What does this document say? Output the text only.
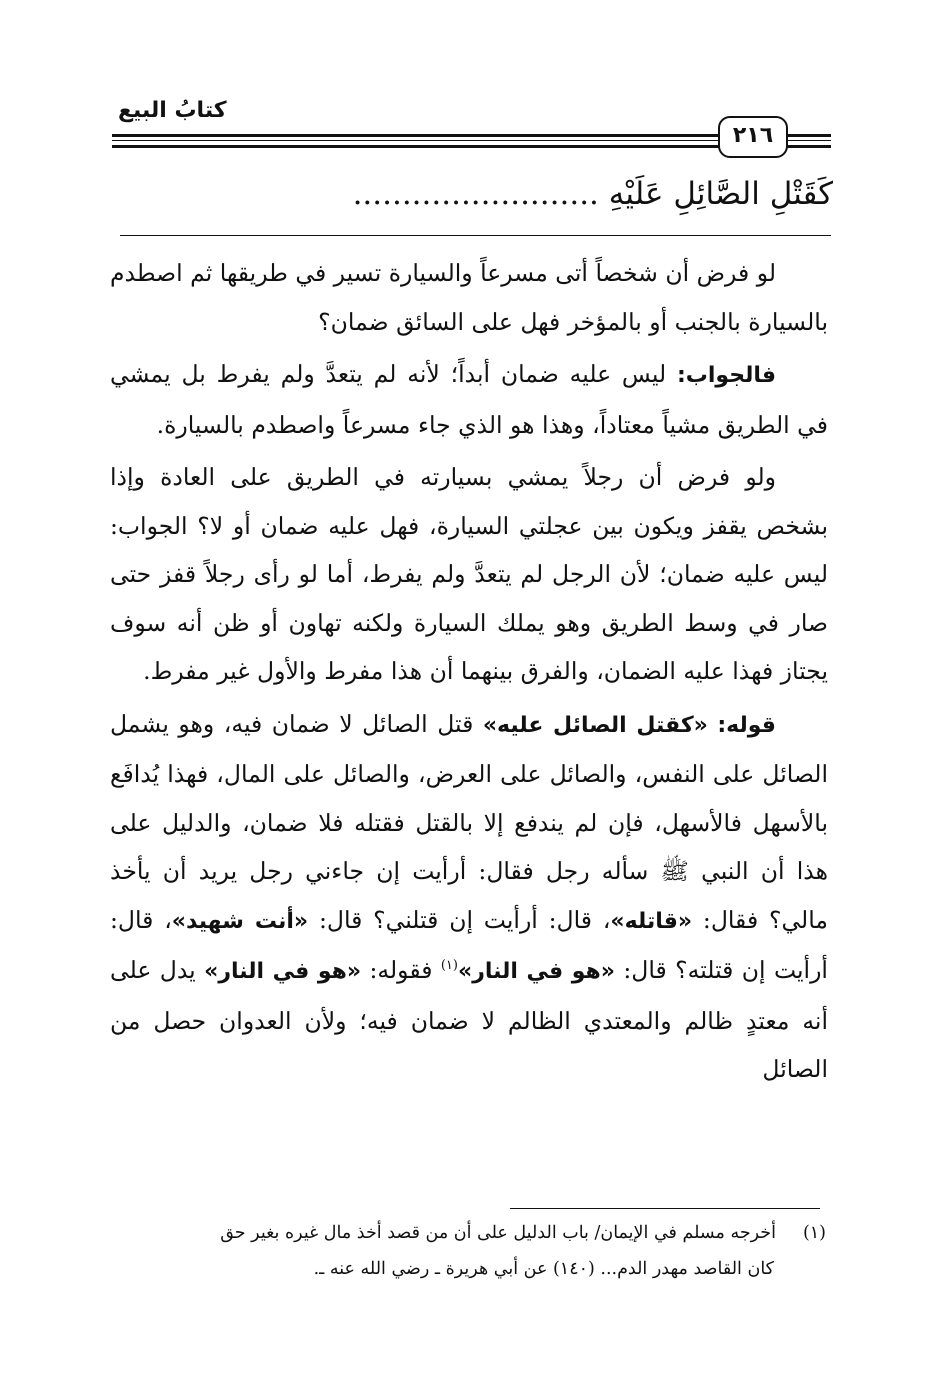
كتابُ البيع
٢١٦
كَقَتْلِ الصَّائِلِ عَلَيْهِ .........................

لو فرض أن شخصاً أتى مسرعاً والسيارة تسير في طريقها ثم اصطدم بالسيارة بالجنب أو بالمؤخر فهل على السائق ضمان؟

فالجواب: ليس عليه ضمان أبداً؛ لأنه لم يتعدَّ ولم يفرط بل يمشي في الطريق مشياً معتاداً، وهذا هو الذي جاء مسرعاً واصطدم بالسيارة.

ولو فرض أن رجلاً يمشي بسيارته في الطريق على العادة وإذا بشخص يقفز ويكون بين عجلتي السيارة، فهل عليه ضمان أو لا؟ الجواب: ليس عليه ضمان؛ لأن الرجل لم يتعدَّ ولم يفرط، أما لو رأى رجلاً قفز حتى صار في وسط الطريق وهو يملك السيارة ولكنه تهاون أو ظن أنه سوف يجتاز فهذا عليه الضمان، والفرق بينهما أن هذا مفرط والأول غير مفرط.

قوله: «كقتل الصائل عليه» قتل الصائل لا ضمان فيه، وهو يشمل الصائل على النفس، والصائل على العرض، والصائل على المال، فهذا يُدافَع بالأسهل فالأسهل، فإن لم يندفع إلا بالقتل فقتله فلا ضمان، والدليل على هذا أن النبي ﷺ سأله رجل فقال: أرأيت إن جاءني رجل يريد أن يأخذ مالي؟ فقال: «قاتله»، قال: أرأيت إن قتلني؟ قال: «أنت شهيد»، قال: أرأيت إن قتلته؟ قال: «هو في النار»$^{(١)}$ فقوله: «هو في النار» يدل على أنه معتدٍ ظالم والمعتدي الظالم لا ضمان فيه؛ ولأن العدوان حصل من الصائل

(١)أخرجه مسلم في الإيمان/ باب الدليل على أن من قصد أخذ مال غيره بغير حق
كان القاصد مهدر الدم... (١٤٠) عن أبي هريرة ـ رضي الله عنه ـ.
